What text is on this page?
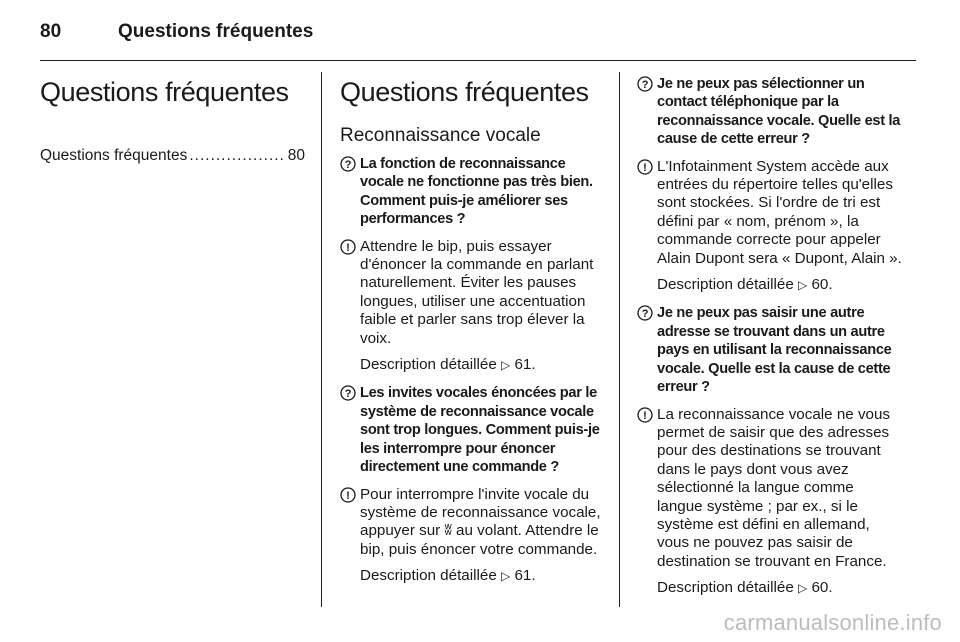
80	Questions fréquentes
Questions fréquentes
Questions fréquentes .................. 80
Questions fréquentes
Reconnaissance vocale
? La fonction de reconnaissance vocale ne fonctionne pas très bien. Comment puis-je améliorer ses performances ?
! Attendre le bip, puis essayer d'énoncer la commande en parlant naturellement. Éviter les pauses longues, utiliser une accentuation faible et parler sans trop élever la voix.
Description détaillée ▷ 61.
? Les invites vocales énoncées par le système de reconnaissance vocale sont trop longues. Comment puis-je les interrompre pour énoncer directement une commande ?
! Pour interrompre l'invite vocale du système de reconnaissance vocale, appuyer sur ʬ au volant. Attendre le bip, puis énoncer votre commande.
Description détaillée ▷ 61.
? Je ne peux pas sélectionner un contact téléphonique par la reconnaissance vocale. Quelle est la cause de cette erreur ?
! L'Infotainment System accède aux entrées du répertoire telles qu'elles sont stockées. Si l'ordre de tri est défini par « nom, prénom », la commande correcte pour appeler Alain Dupont sera « Dupont, Alain ».
Description détaillée ▷ 60.
? Je ne peux pas saisir une autre adresse se trouvant dans un autre pays en utilisant la reconnaissance vocale. Quelle est la cause de cette erreur ?
! La reconnaissance vocale ne vous permet de saisir que des adresses pour des destinations se trouvant dans le pays dont vous avez sélectionné la langue comme langue système ; par ex., si le système est défini en allemand, vous ne pouvez pas saisir de destination se trouvant en France.
Description détaillée ▷ 60.
carmanualsonline.info
